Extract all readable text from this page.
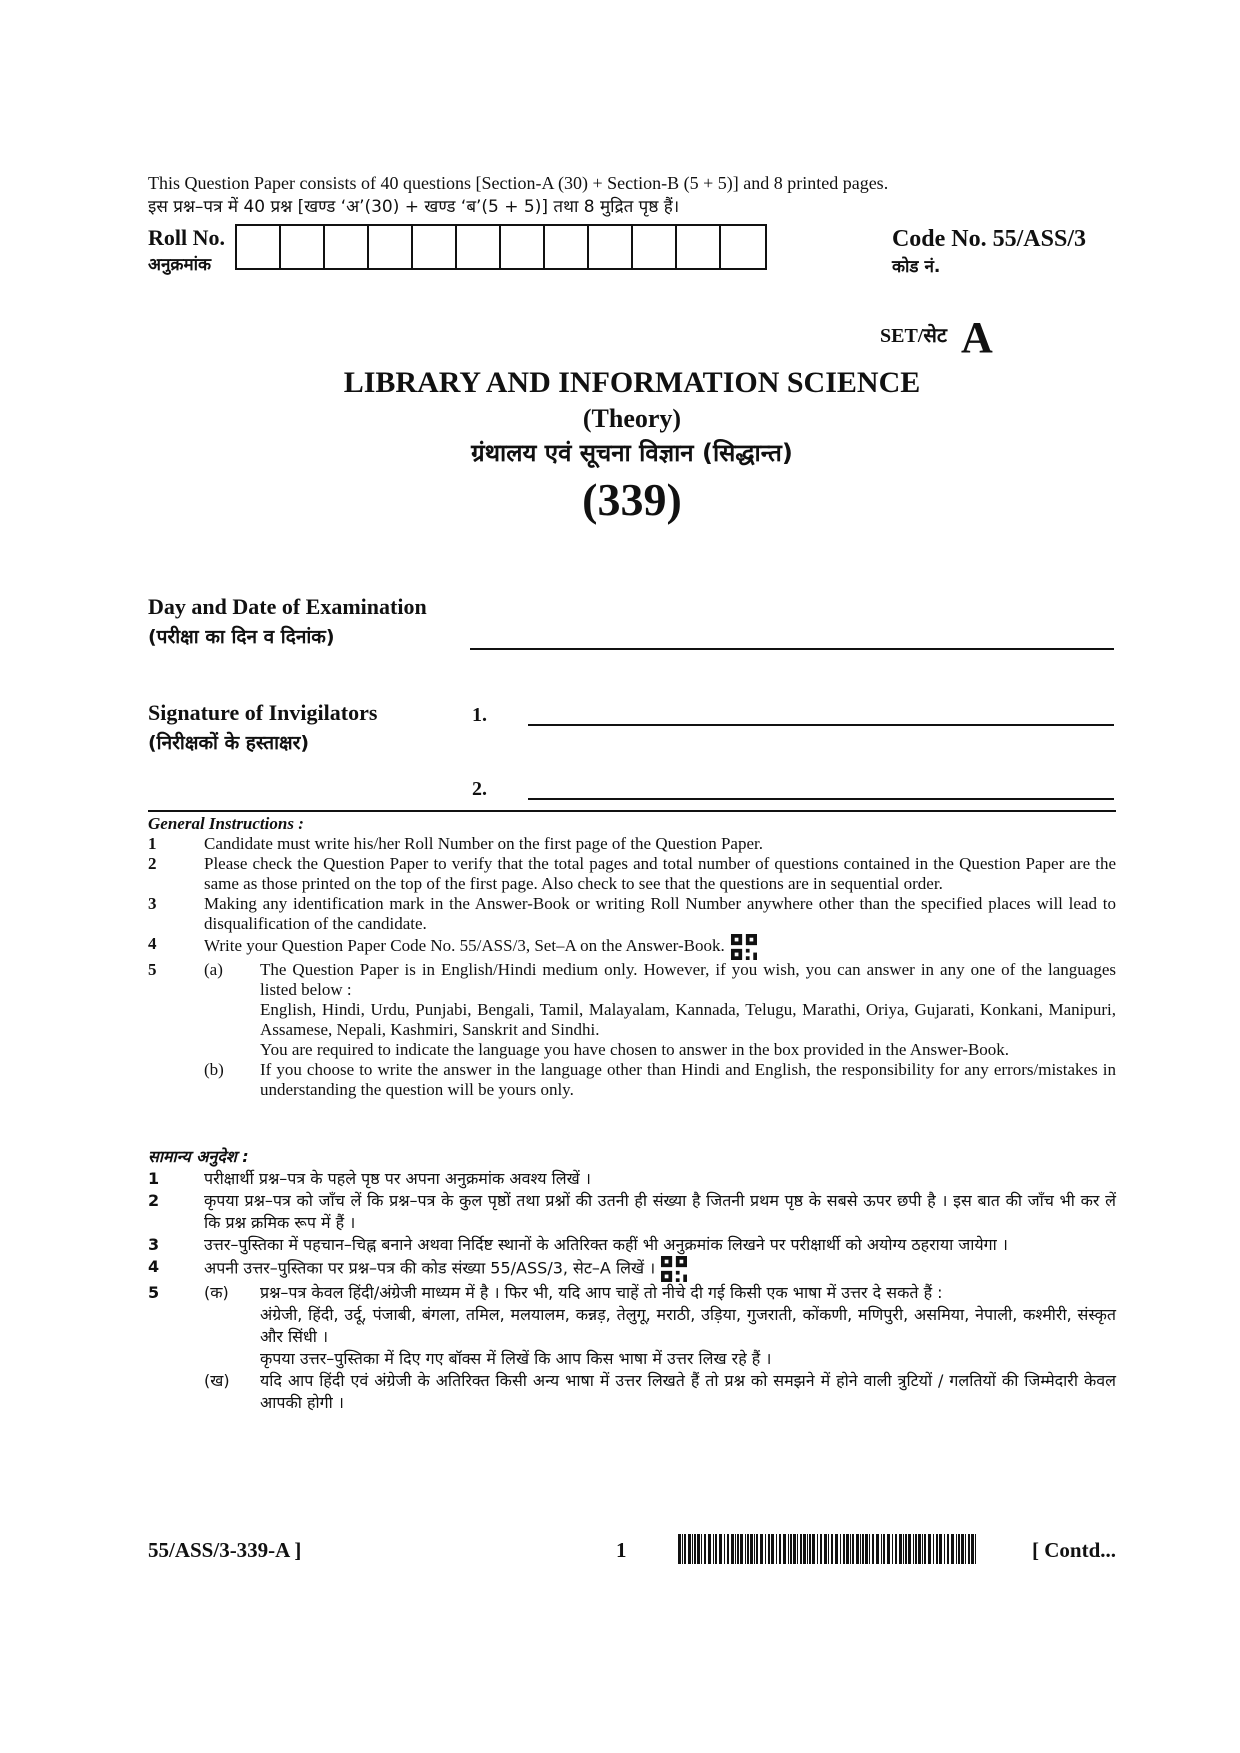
This Question Paper consists of 40 questions [Section-A (30) + Section-B (5 + 5)] and 8 printed pages.
इस प्रश्न–पत्र में 40 प्रश्न [खण्ड ‘अ’(30) + खण्ड ‘ब’(5 + 5)] तथा 8 मुद्रित पृष्ठ हैं।
Roll No.
अनुक्रमांक
Code No. 55/ASS/3
कोड नं.
SET/सेट A
LIBRARY AND INFORMATION SCIENCE
(Theory)
ग्रंथालय एवं सूचना विज्ञान (सिद्धान्त)
(339)
Day and Date of Examination
(परीक्षा का दिन व दिनांक)
Signature of Invigilators
(निरीक्षकों के हस्ताक्षर)
1.
2.
General Instructions :
1	Candidate must write his/her Roll Number on the first page of the Question Paper.
2	Please check the Question Paper to verify that the total pages and total number of questions contained in the Question Paper are the same as those printed on the top of the first page. Also check to see that the questions are in sequential order.
3	Making any identification mark in the Answer-Book or writing Roll Number anywhere other than the specified places will lead to disqualification of the candidate.
4	Write your Question Paper Code No. 55/ASS/3, Set–A on the Answer-Book.
5	(a)	The Question Paper is in English/Hindi medium only. However, if you wish, you can answer in any one of the languages listed below :
English, Hindi, Urdu, Punjabi, Bengali, Tamil, Malayalam, Kannada, Telugu, Marathi, Oriya, Gujarati, Konkani, Manipuri, Assamese, Nepali, Kashmiri, Sanskrit and Sindhi.
You are required to indicate the language you have chosen to answer in the box provided in the Answer-Book.
(b)	If you choose to write the answer in the language other than Hindi and English, the responsibility for any errors/mistakes in understanding the question will be yours only.
सामान्य अनुदेश :
1	परीक्षार्थी प्रश्न–पत्र के पहले पृष्ठ पर अपना अनुक्रमांक अवश्य लिखें ।
2	कृपया प्रश्न–पत्र को जाँच लें कि प्रश्न–पत्र के कुल पृष्ठों तथा प्रश्नों की उतनी ही संख्या है जितनी प्रथम पृष्ठ के सबसे ऊपर छपी है । इस बात की जाँच भी कर लें कि प्रश्न क्रमिक रूप में हैं ।
3	उत्तर–पुस्तिका में पहचान–चिह्न बनाने अथवा निर्दिष्ट स्थानों के अतिरिक्त कहीं भी अनुक्रमांक लिखने पर परीक्षार्थी को अयोग्य ठहराया जायेगा ।
4	अपनी उत्तर–पुस्तिका पर प्रश्न–पत्र की कोड संख्या 55/ASS/3, सेट–A लिखें ।
5	(क)	प्रश्न–पत्र केवल हिंदी/अंग्रेजी माध्यम में है । फिर भी, यदि आप चाहें तो नीचे दी गई किसी एक भाषा में उत्तर दे सकते हैं :
अंग्रेजी, हिंदी, उर्दू, पंजाबी, बंगला, तमिल, मलयालम, कन्नड़, तेलुगू, मराठी, उड़िया, गुजराती, कोंकणी, मणिपुरी, असमिया, नेपाली, कश्मीरी, संस्कृत और सिंधी ।
कृपया उत्तर–पुस्तिका में दिए गए बॉक्स में लिखें कि आप किस भाषा में उत्तर लिख रहे हैं ।
(ख)	यदि आप हिंदी एवं अंग्रेजी के अतिरिक्त किसी अन्य भाषा में उत्तर लिखते हैं तो प्रश्न को समझने में होने वाली त्रुटियों / गलतियों की जिम्मेदारी केवल आपकी होगी ।
55/ASS/3-339-A ]	1	[ Contd...
